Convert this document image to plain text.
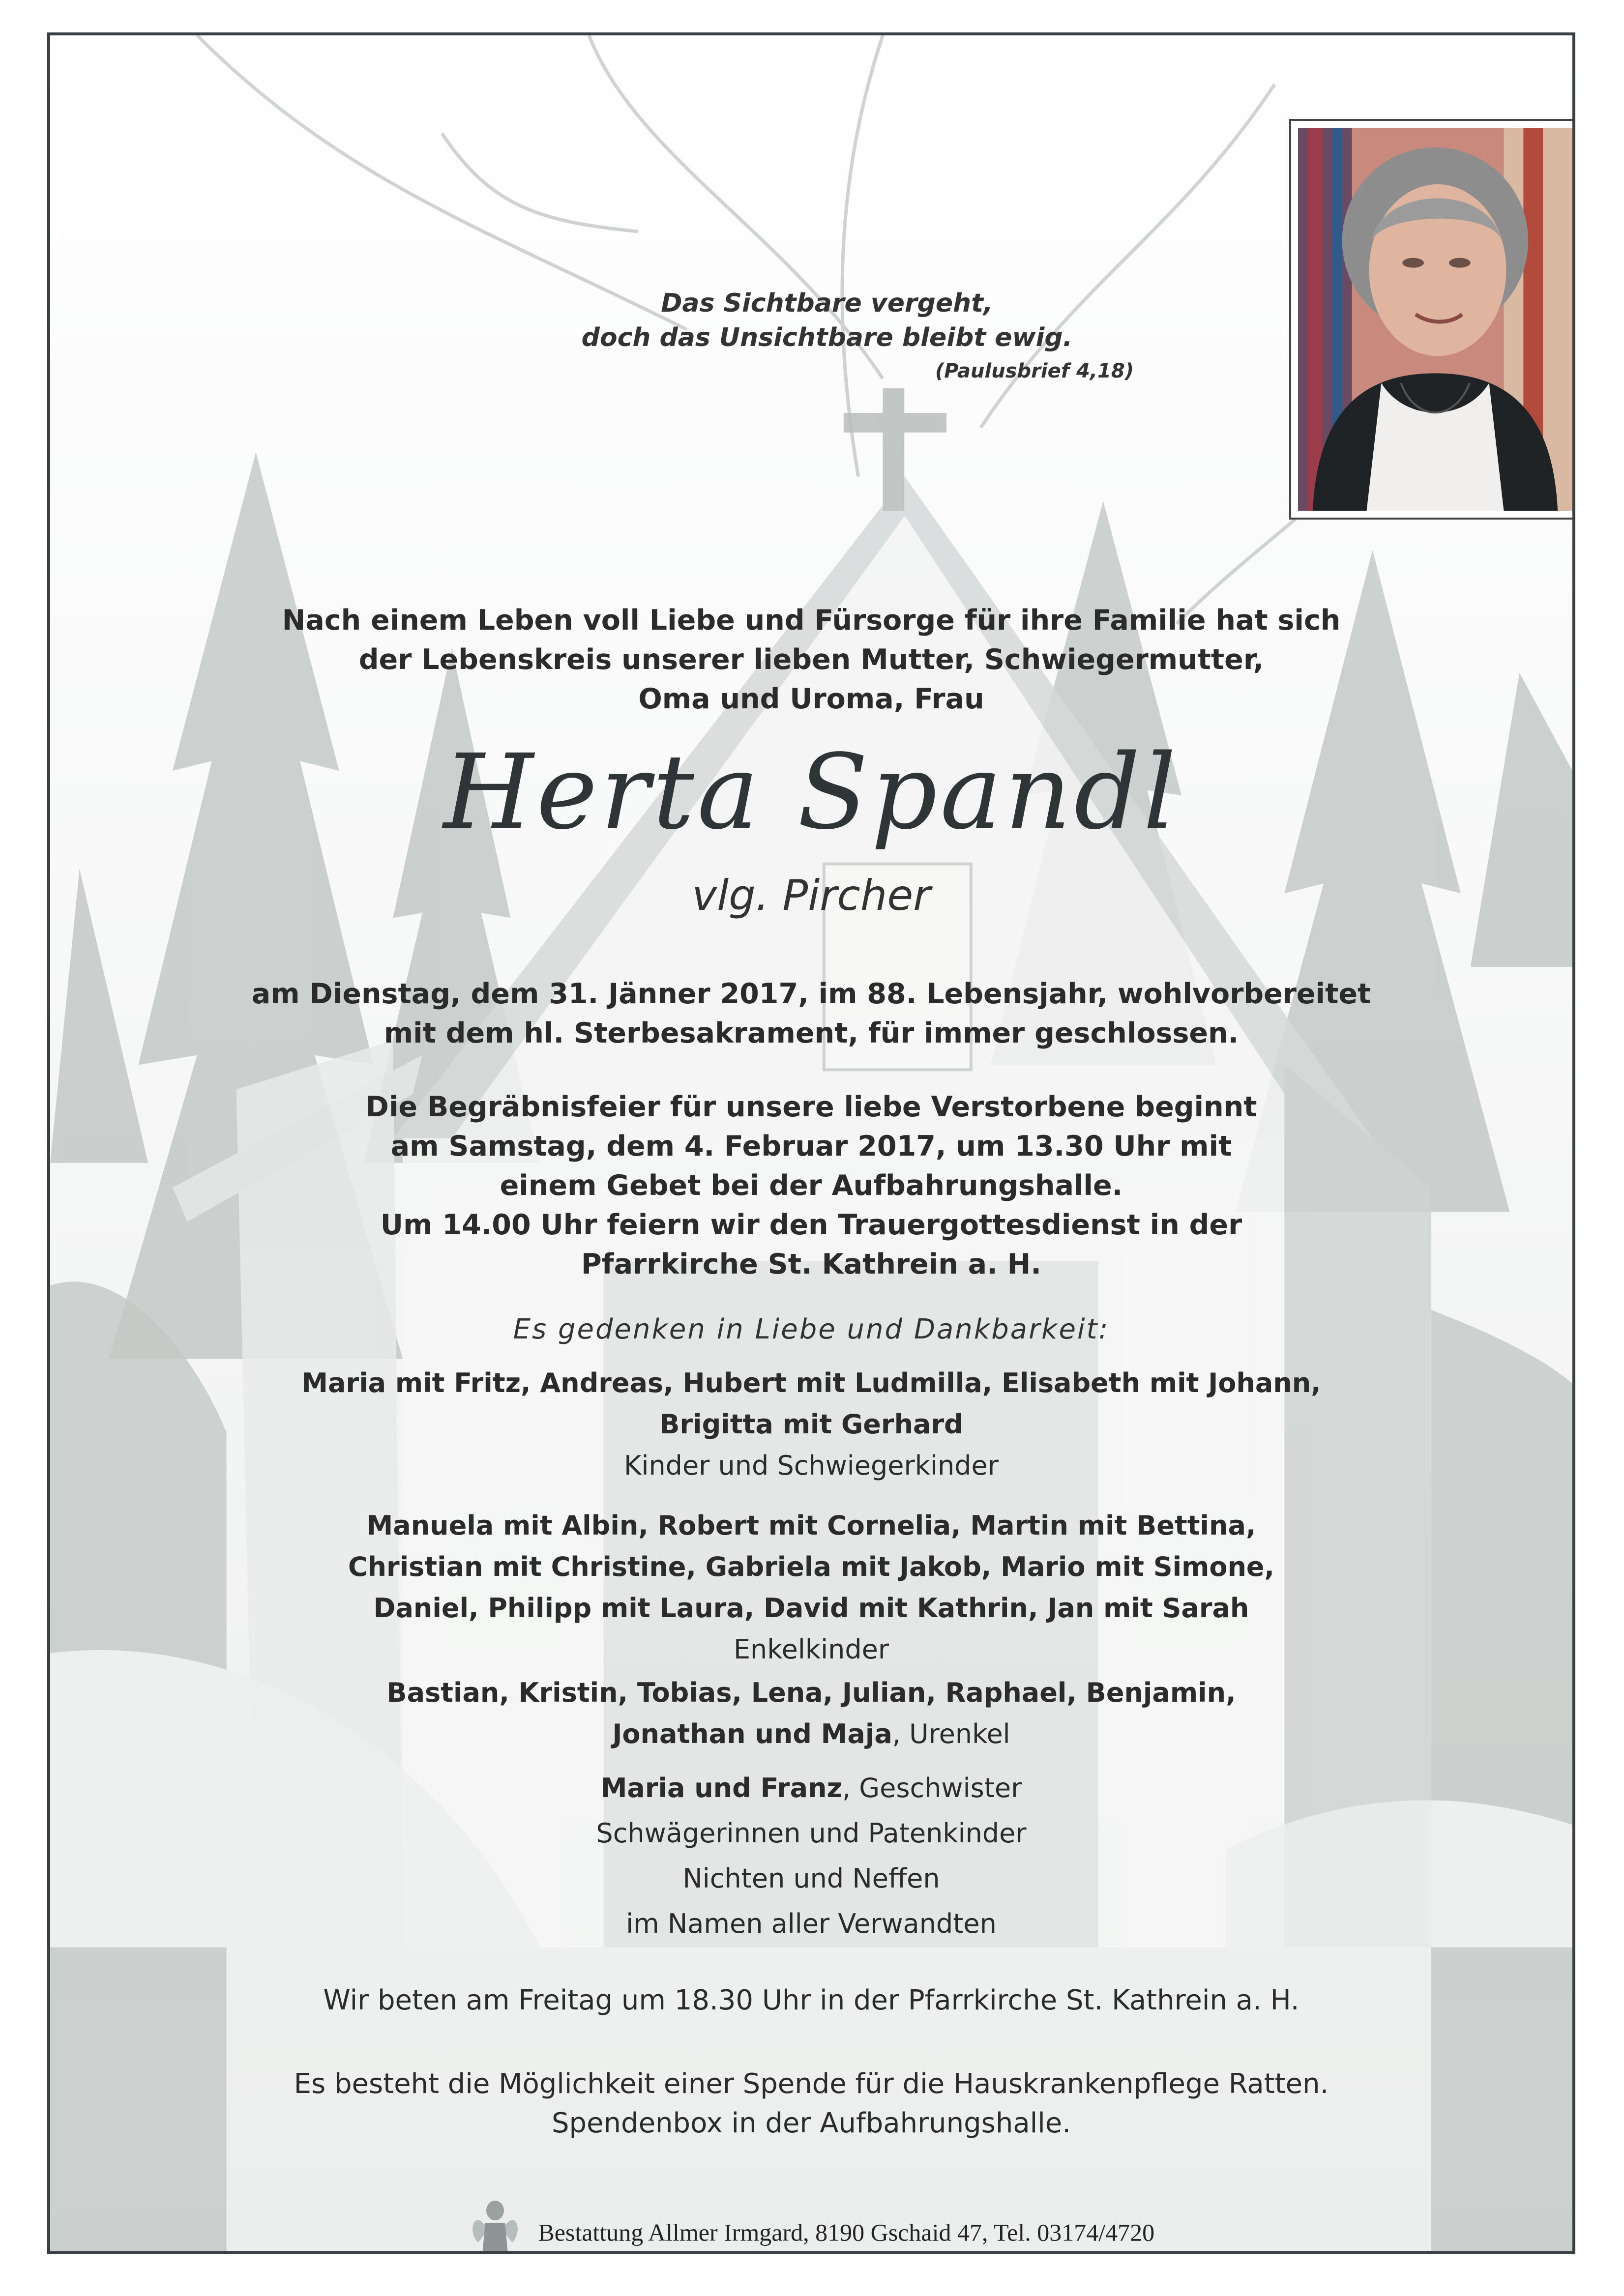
Das Sichtbare vergeht,
doch das Unsichtbare bleibt ewig.
(Paulusbrief 4,18)
Nach einem Leben voll Liebe und Fürsorge für ihre Familie hat sich
der Lebenskreis unserer lieben Mutter, Schwiegermutter,
Oma und Uroma, Frau
Herta Spandl
vlg. Pircher
am Dienstag, dem 31. Jänner 2017, im 88. Lebensjahr, wohlvorbereitet
mit dem hl. Sterbesakrament, für immer geschlossen.
Die Begräbnisfeier für unsere liebe Verstorbene beginnt
am Samstag, dem 4. Februar 2017, um 13.30 Uhr mit
einem Gebet bei der Aufbahrungshalle.
Um 14.00 Uhr feiern wir den Trauergottesdienst in der
Pfarrkirche St. Kathrein a. H.
Es gedenken in Liebe und Dankbarkeit:
Maria mit Fritz, Andreas, Hubert mit Ludmilla, Elisabeth mit Johann,
Brigitta mit Gerhard
Kinder und Schwiegerkinder
Manuela mit Albin, Robert mit Cornelia, Martin mit Bettina,
Christian mit Christine, Gabriela mit Jakob, Mario mit Simone,
Daniel, Philipp mit Laura, David mit Kathrin, Jan mit Sarah
Enkelkinder
Bastian, Kristin, Tobias, Lena, Julian, Raphael, Benjamin,
Jonathan und Maja, Urenkel
Maria und Franz, Geschwister
Schwägerinnen und Patenkinder
Nichten und Neffen
im Namen aller Verwandten
Wir beten am Freitag um 18.30 Uhr in der Pfarrkirche St. Kathrein a. H.
Es besteht die Möglichkeit einer Spende für die Hauskrankenpflege Ratten.
Spendenbox in der Aufbahrungshalle.
Bestattung Allmer Irmgard, 8190 Gschaid 47, Tel. 03174/4720
